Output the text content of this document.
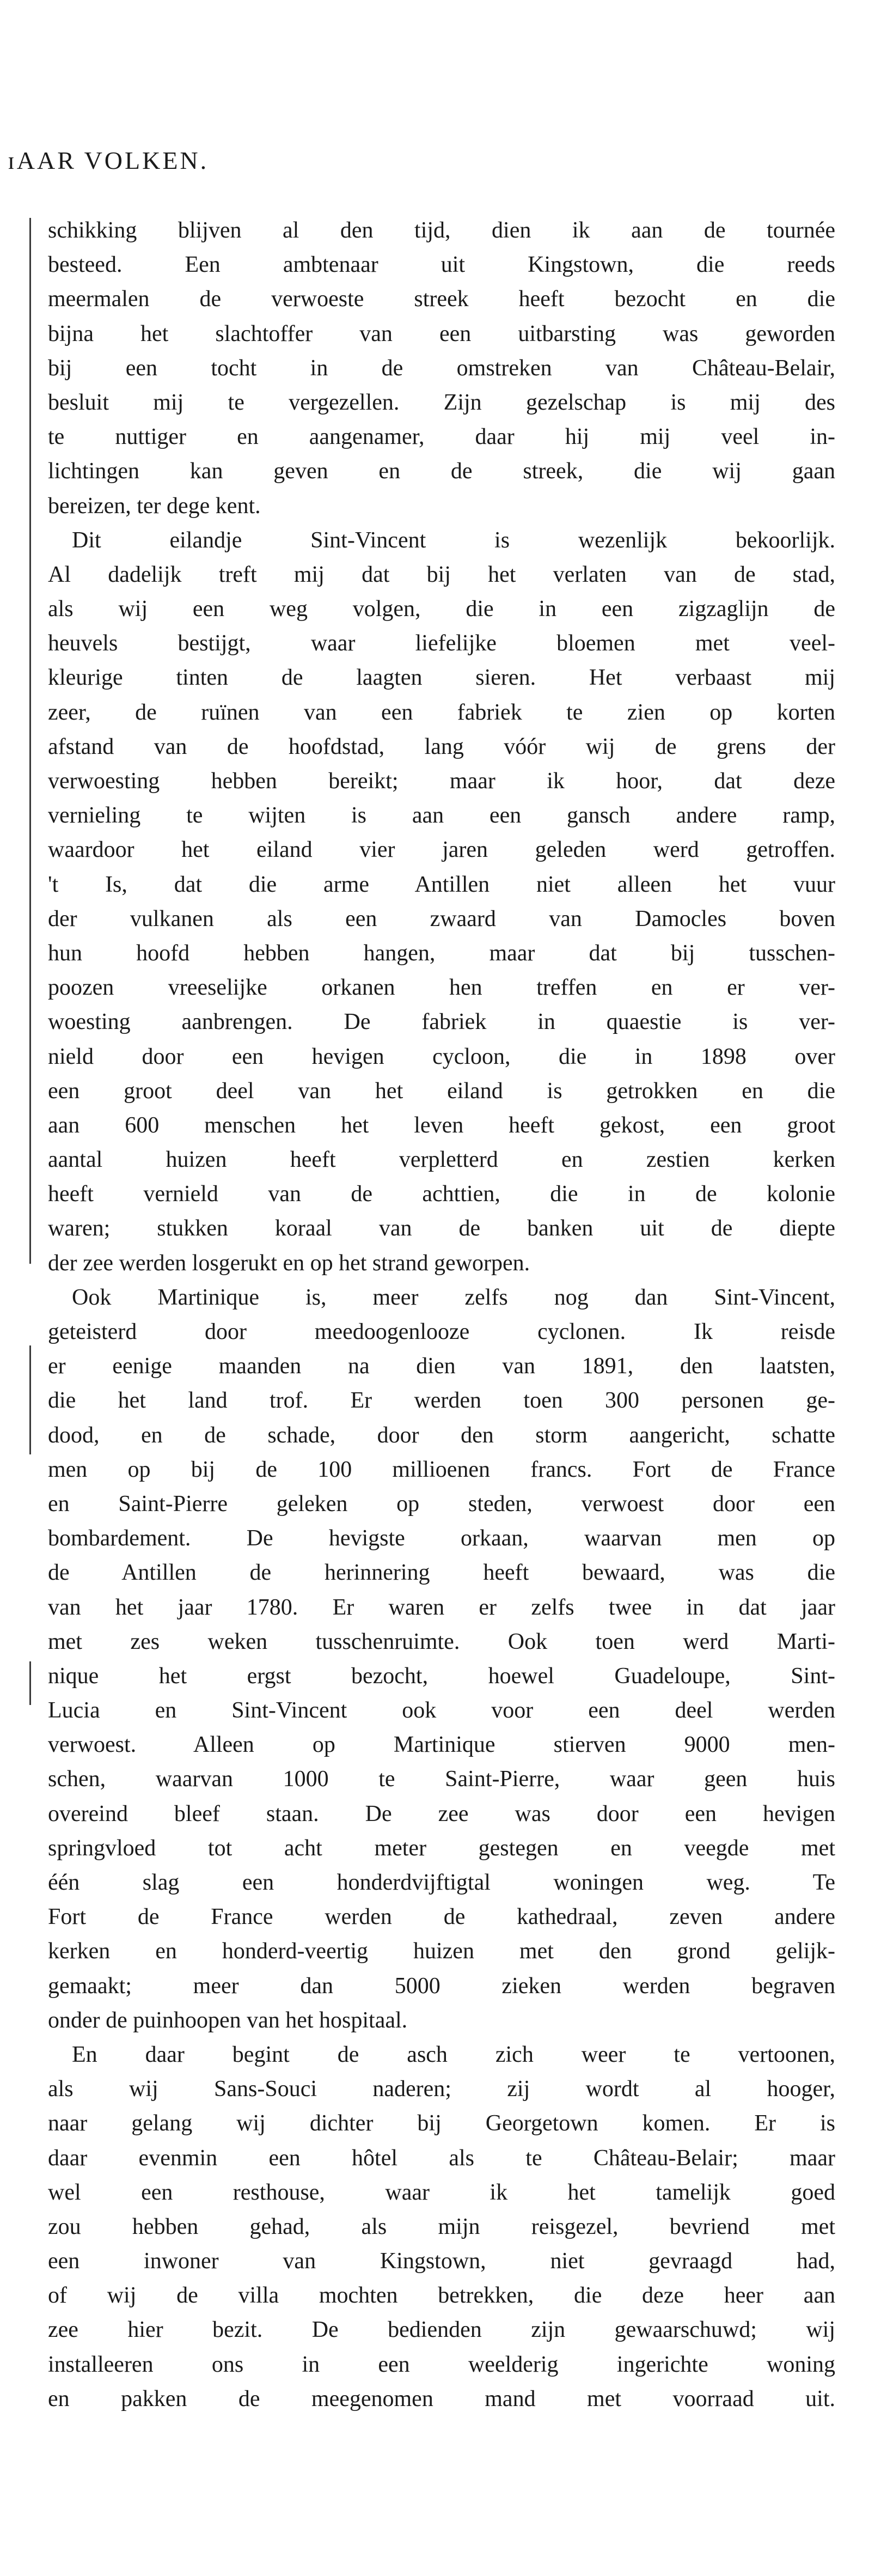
ɪAAR VOLKEN.
schikking blijven al den tijd, dien ik aan de tournée
besteed. Een ambtenaar uit Kingstown, die reeds
meermalen de verwoeste streek heeft bezocht en die
bijna het slachtoffer van een uitbarsting was geworden
bij een tocht in de omstreken van Château-Belair,
besluit mij te vergezellen. Zijn gezelschap is mij des
te nuttiger en aangenamer, daar hij mij veel in-
lichtingen kan geven en de streek, die wij gaan
bereizen, ter dege kent.
Dit eilandje Sint-Vincent is wezenlijk bekoorlijk.
Al dadelijk treft mij dat bij het verlaten van de stad,
als wij een weg volgen, die in een zigzaglijn de
heuvels bestijgt, waar liefelijke bloemen met veel-
kleurige tinten de laagten sieren. Het verbaast mij
zeer, de ruïnen van een fabriek te zien op korten
afstand van de hoofdstad, lang vóór wij de grens der
verwoesting hebben bereikt; maar ik hoor, dat deze
vernieling te wijten is aan een gansch andere ramp,
waardoor het eiland vier jaren geleden werd getroffen.
't Is, dat die arme Antillen niet alleen het vuur
der vulkanen als een zwaard van Damocles boven
hun hoofd hebben hangen, maar dat bij tusschen-
poozen vreeselijke orkanen hen treffen en er ver-
woesting aanbrengen. De fabriek in quaestie is ver-
nield door een hevigen cycloon, die in 1898 over
een groot deel van het eiland is getrokken en die
aan 600 menschen het leven heeft gekost, een groot
aantal huizen heeft verpletterd en zestien kerken
heeft vernield van de achttien, die in de kolonie
waren; stukken koraal van de banken uit de diepte
der zee werden losgerukt en op het strand geworpen.
Ook Martinique is, meer zelfs nog dan Sint-Vincent,
geteisterd door meedoogenlooze cyclonen. Ik reisde
er eenige maanden na dien van 1891, den laatsten,
die het land trof. Er werden toen 300 personen ge-
dood, en de schade, door den storm aangericht, schatte
men op bij de 100 millioenen francs. Fort de France
en Saint-Pierre geleken op steden, verwoest door een
bombardement. De hevigste orkaan, waarvan men op
de Antillen de herinnering heeft bewaard, was die
van het jaar 1780. Er waren er zelfs twee in dat jaar
met zes weken tusschenruimte. Ook toen werd Marti-
nique het ergst bezocht, hoewel Guadeloupe, Sint-
Lucia en Sint-Vincent ook voor een deel werden
verwoest. Alleen op Martinique stierven 9000 men-
schen, waarvan 1000 te Saint-Pierre, waar geen huis
overeind bleef staan. De zee was door een hevigen
springvloed tot acht meter gestegen en veegde met
één slag een honderdvijftigtal woningen weg. Te
Fort de France werden de kathedraal, zeven andere
kerken en honderd-veertig huizen met den grond gelijk-
gemaakt; meer dan 5000 zieken werden begraven
onder de puinhoopen van het hospitaal.
En daar begint de asch zich weer te vertoonen,
als wij Sans-Souci naderen; zij wordt al hooger,
naar gelang wij dichter bij Georgetown komen. Er is
daar evenmin een hôtel als te Château-Belair; maar
wel een resthouse, waar ik het tamelijk goed
zou hebben gehad, als mijn reisgezel, bevriend met
een inwoner van Kingstown, niet gevraagd had,
of wij de villa mochten betrekken, die deze heer aan
zee hier bezit. De bedienden zijn gewaarschuwd; wij
installeeren ons in een weelderig ingerichte woning
en pakken de meegenomen mand met voorraad uit.
